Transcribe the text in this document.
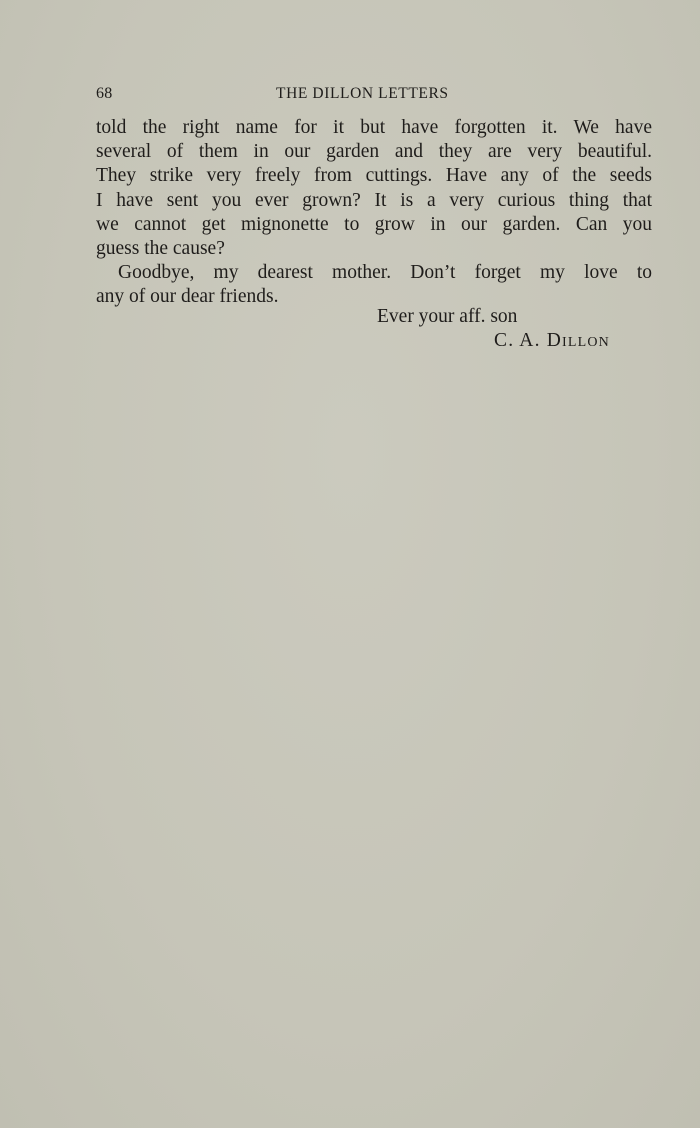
68	THE DILLON LETTERS
told the right name for it but have forgotten it. We have
several of them in our garden and they are very beautiful.
They strike very freely from cuttings. Have any of the seeds
I have sent you ever grown? It is a very curious thing that
we cannot get mignonette to grow in our garden. Can you
guess the cause?
Goodbye, my dearest mother. Don’t forget my love to
any of our dear friends.
Ever your aff. son
C. A. Dillon
